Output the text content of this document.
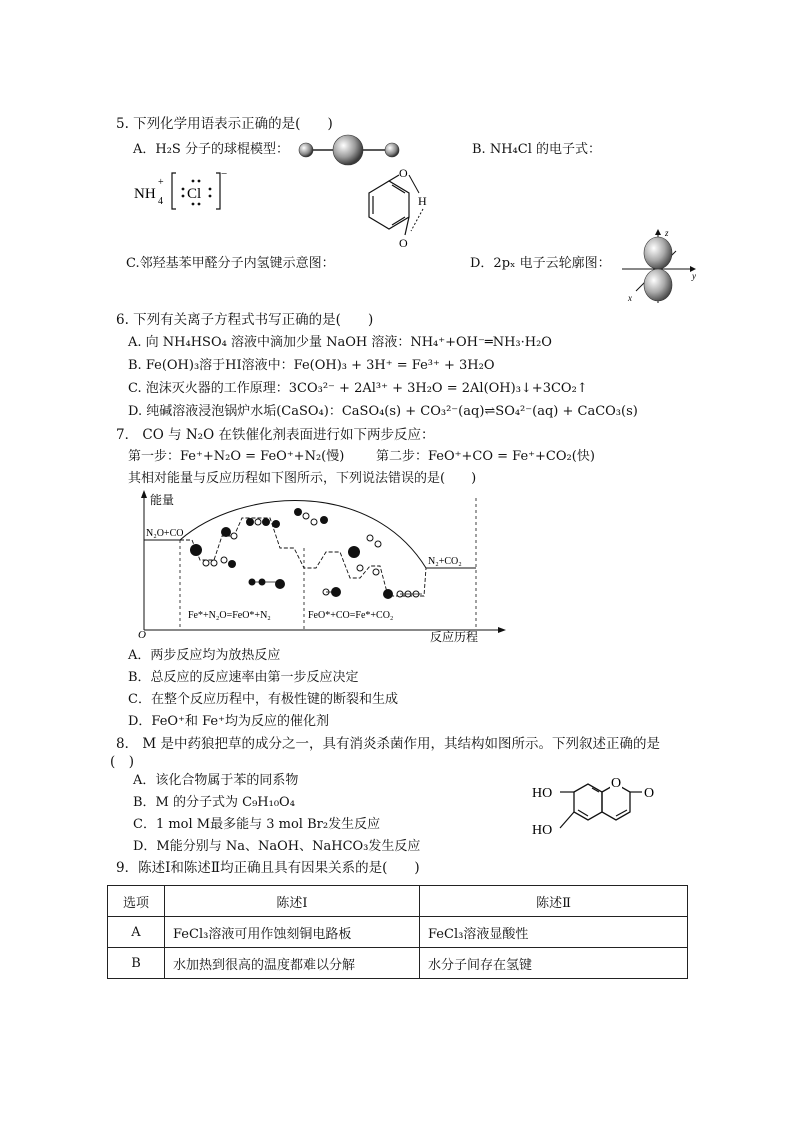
5. 下列化学用语表示正确的是(　　)
A．H₂S 分子的球棍模型：	B. NH₄Cl 的电子式：
NH 4
+
Cl
−	O
H
O
C.邻羟基苯甲醛分子内氢键示意图：	D．2pₓ 电子云轮廓图：
z
y
x
6. 下列有关离子方程式书写正确的是(　　)
A. 向 NH₄HSO₄ 溶液中滴加少量 NaOH 溶液：NH₄⁺+OH⁻═NH₃·H₂O
B. Fe(OH)₃溶于HI溶液中：Fe(OH)₃ + 3H⁺ = Fe³⁺ + 3H₂O
C. 泡沫灭火器的工作原理：3CO₃²⁻ + 2Al³⁺ + 3H₂O = 2Al(OH)₃↓+3CO₂↑
D. 纯碱溶液浸泡锅炉水垢(CaSO₄)：CaSO₄(s) + CO₃²⁻(aq)⇌SO₄²⁻(aq) + CaCO₃(s)
7． CO 与 N₂O 在铁催化剂表面进行如下两步反应：
第一步：Fe⁺+N₂O = FeO⁺+N₂(慢) 第二步：FeO⁺+CO = Fe⁺+CO₂(快)
其相对能量与反应历程如下图所示，下列说法错误的是(　　)
能量
反应历程
O
N₂O+CO
N₂+CO₂
Fe*+N₂O=FeO*+N₂	FeO*+CO=Fe*+CO₂
A．两步反应均为放热反应
B．总反应的反应速率由第一步反应决定
C．在整个反应历程中，有极性键的断裂和生成
D．FeO⁺和 Fe⁺均为反应的催化剂
8． M 是中药狼把草的成分之一，具有消炎杀菌作用，其结构如图所示。下列叙述正确的是
(　)
A．该化合物属于苯的同系物
B．M 的分子式为 C₉H₁₀O₄
C．1 mol M最多能与 3 mol Br₂发生反应
D．M能分别与 Na、NaOH、NaHCO₃发生反应
HO
HO
O
O
9．陈述Ⅰ和陈述Ⅱ均正确且具有因果关系的是(　　)
选项	陈述Ⅰ	陈述Ⅱ
A	FeCl₃溶液可用作蚀刻铜电路板	FeCl₃溶液显酸性
B	水加热到很高的温度都难以分解	水分子间存在氢键
